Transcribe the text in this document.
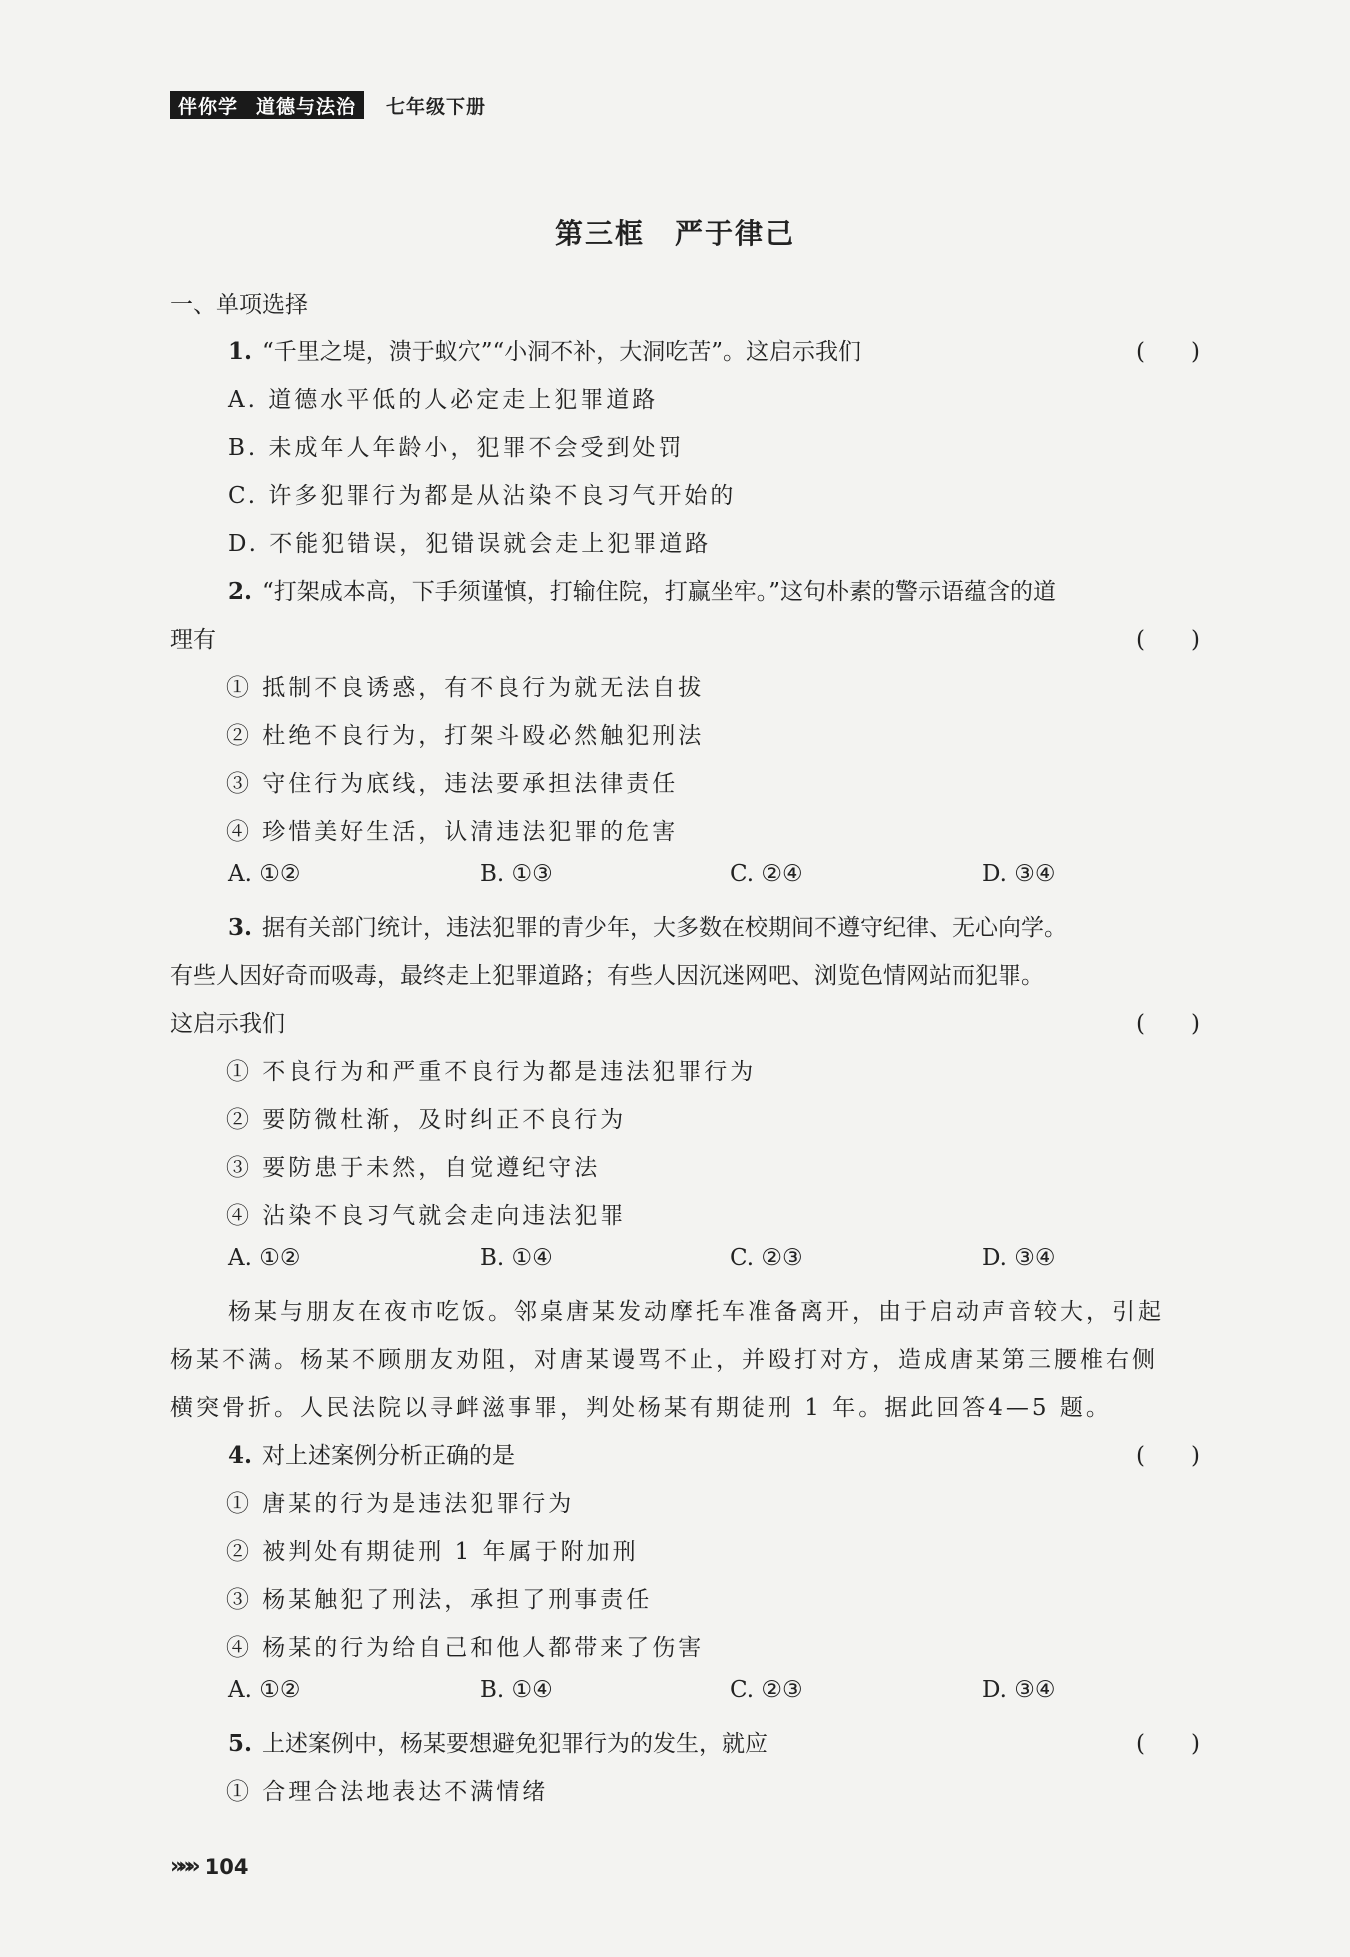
伴你学 道德与法治 七年级下册
第三框　严于律己
一、单项选择
1. “千里之堤，溃于蚁穴”“小洞不补，大洞吃苦”。这启示我们	(　　)
A. 道德水平低的人必定走上犯罪道路
B. 未成年人年龄小，犯罪不会受到处罚
C. 许多犯罪行为都是从沾染不良习气开始的
D. 不能犯错误，犯错误就会走上犯罪道路
2. “打架成本高，下手须谨慎，打输住院，打赢坐牢。”这句朴素的警示语蕴含的道
理有	(　　)
① 抵制不良诱惑，有不良行为就无法自拔
② 杜绝不良行为，打架斗殴必然触犯刑法
③ 守住行为底线，违法要承担法律责任
④ 珍惜美好生活，认清违法犯罪的危害
A. ①②	B. ①③	C. ②④	D. ③④
3. 据有关部门统计，违法犯罪的青少年，大多数在校期间不遵守纪律、无心向学。
有些人因好奇而吸毒，最终走上犯罪道路；有些人因沉迷网吧、浏览色情网站而犯罪。
这启示我们	(　　)
① 不良行为和严重不良行为都是违法犯罪行为
② 要防微杜渐，及时纠正不良行为
③ 要防患于未然，自觉遵纪守法
④ 沾染不良习气就会走向违法犯罪
A. ①②	B. ①④	C. ②③	D. ③④
杨某与朋友在夜市吃饭。邻桌唐某发动摩托车准备离开，由于启动声音较大，引起
杨某不满。杨某不顾朋友劝阻，对唐某谩骂不止，并殴打对方，造成唐某第三腰椎右侧
横突骨折。人民法院以寻衅滋事罪，判处杨某有期徒刑 1 年。据此回答4—5 题。
4. 对上述案例分析正确的是	(　　)
① 唐某的行为是违法犯罪行为
② 被判处有期徒刑 1 年属于附加刑
③ 杨某触犯了刑法，承担了刑事责任
④ 杨某的行为给自己和他人都带来了伤害
A. ①②	B. ①④	C. ②③	D. ③④
5. 上述案例中，杨某要想避免犯罪行为的发生，就应	(　　)
① 合理合法地表达不满情绪
»»» 104
